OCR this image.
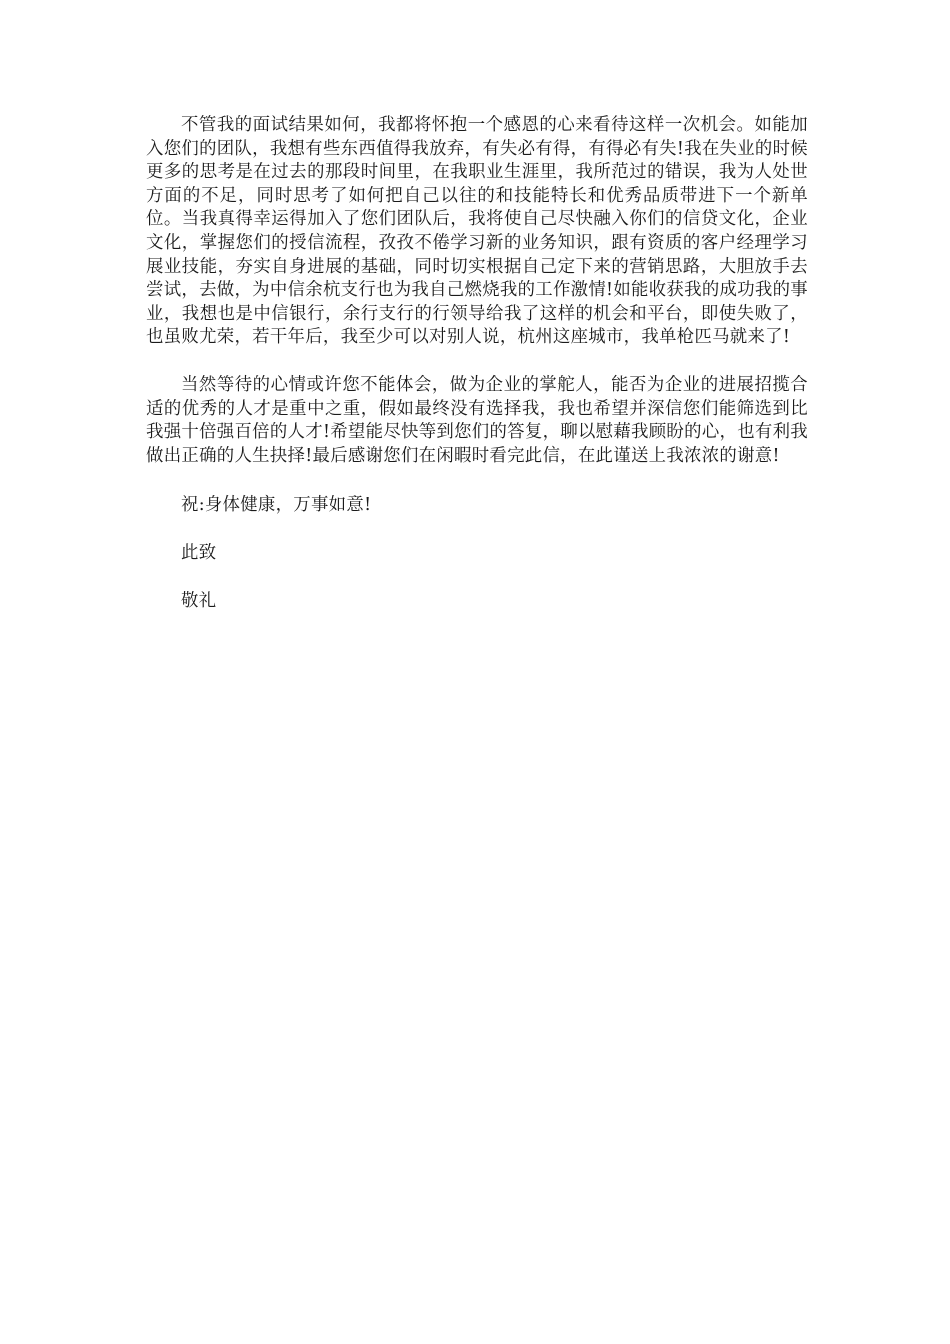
不管我的面试结果如何，我都将怀抱一个感恩的心来看待这样一次机会。如能加入您们的团队，我想有些东西值得我放弃，有失必有得，有得必有失!我在失业的时候更多的思考是在过去的那段时间里，在我职业生涯里，我所范过的错误，我为人处世方面的不足，同时思考了如何把自己以往的和技能特长和优秀品质带进下一个新单位。当我真得幸运得加入了您们团队后，我将使自己尽快融入你们的信贷文化，企业文化，掌握您们的授信流程，孜孜不倦学习新的业务知识，跟有资质的客户经理学习展业技能，夯实自身进展的基础，同时切实根据自己定下来的营销思路，大胆放手去尝试，去做，为中信余杭支行也为我自己燃烧我的工作激情!如能收获我的成功我的事业，我想也是中信银行，余行支行的行领导给我了这样的机会和平台，即使失败了，也虽败尤荣，若干年后，我至少可以对别人说，杭州这座城市，我单枪匹马就来了!

当然等待的心情或许您不能体会，做为企业的掌舵人，能否为企业的进展招揽合适的优秀的人才是重中之重，假如最终没有选择我，我也希望并深信您们能筛选到比我强十倍强百倍的人才!希望能尽快等到您们的答复，聊以慰藉我顾盼的心，也有利我做出正确的人生抉择!最后感谢您们在闲暇时看完此信，在此谨送上我浓浓的谢意!

祝:身体健康，万事如意!

此致

敬礼
